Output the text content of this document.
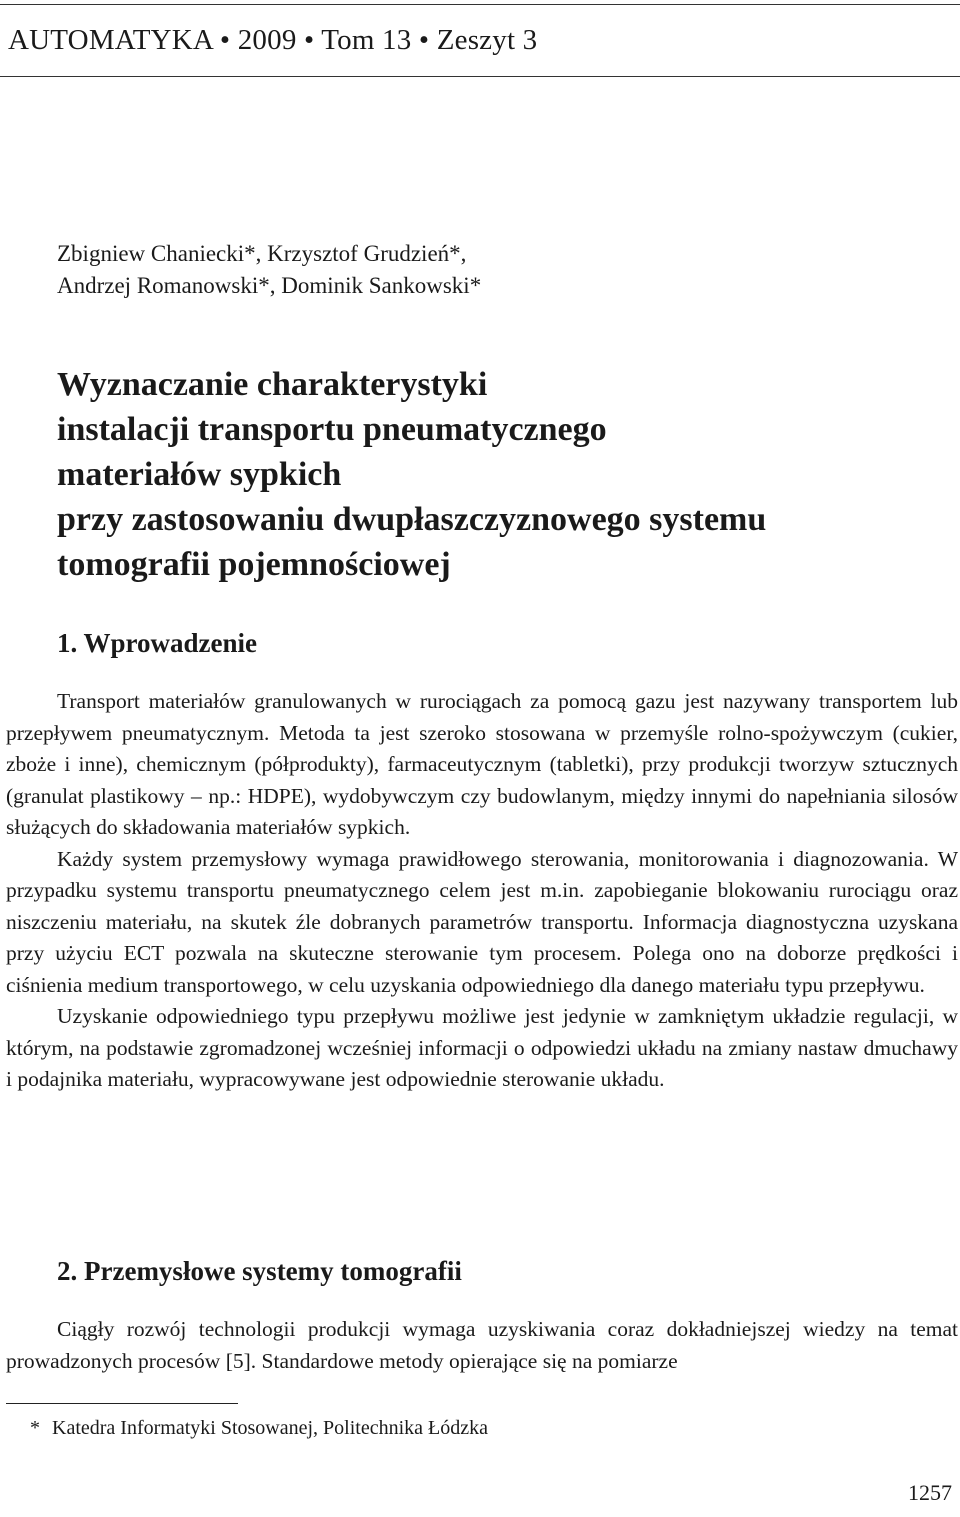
AUTOMATYKA • 2009 • Tom 13 • Zeszyt 3
Zbigniew Chaniecki*, Krzysztof Grudzień*,
Andrzej Romanowski*, Dominik Sankowski*
Wyznaczanie charakterystyki
instalacji transportu pneumatycznego
materiałów sypkich
przy zastosowaniu dwupłaszczyznowego systemu
tomografii pojemnościowej
1. Wprowadzenie

Transport materiałów granulowanych w rurociągach za pomocą gazu jest nazywany transportem lub przepływem pneumatycznym. Metoda ta jest szeroko stosowana w przemyśle rolno-spożywczym (cukier, zboże i inne), chemicznym (półprodukty), farmaceutycznym (tabletki), przy produkcji tworzyw sztucznych (granulat plastikowy – np.: HDPE), wydobywczym czy budowlanym, między innymi do napełniania silosów służących do składowania materiałów sypkich.

Każdy system przemysłowy wymaga prawidłowego sterowania, monitorowania i diagnozowania. W przypadku systemu transportu pneumatycznego celem jest m.in. zapobieganie blokowaniu rurociągu oraz niszczeniu materiału, na skutek źle dobranych parametrów transportu. Informacja diagnostyczna uzyskana przy użyciu ECT pozwala na skuteczne sterowanie tym procesem. Polega ono na doborze prędkości i ciśnienia medium transportowego, w celu uzyskania odpowiedniego dla danego materiału typu przepływu.

Uzyskanie odpowiedniego typu przepływu możliwe jest jedynie w zamkniętym układzie regulacji, w którym, na podstawie zgromadzonej wcześniej informacji o odpowiedzi układu na zmiany nastaw dmuchawy i podajnika materiału, wypracowywane jest odpowiednie sterowanie układu.

2. Przemysłowe systemy tomografii

Ciągły rozwój technologii produkcji wymaga uzyskiwania coraz dokładniejszej wiedzy na temat prowadzonych procesów [5]. Standardowe metody opierające się na pomiarze

* Katedra Informatyki Stosowanej, Politechnika Łódzka
1257
